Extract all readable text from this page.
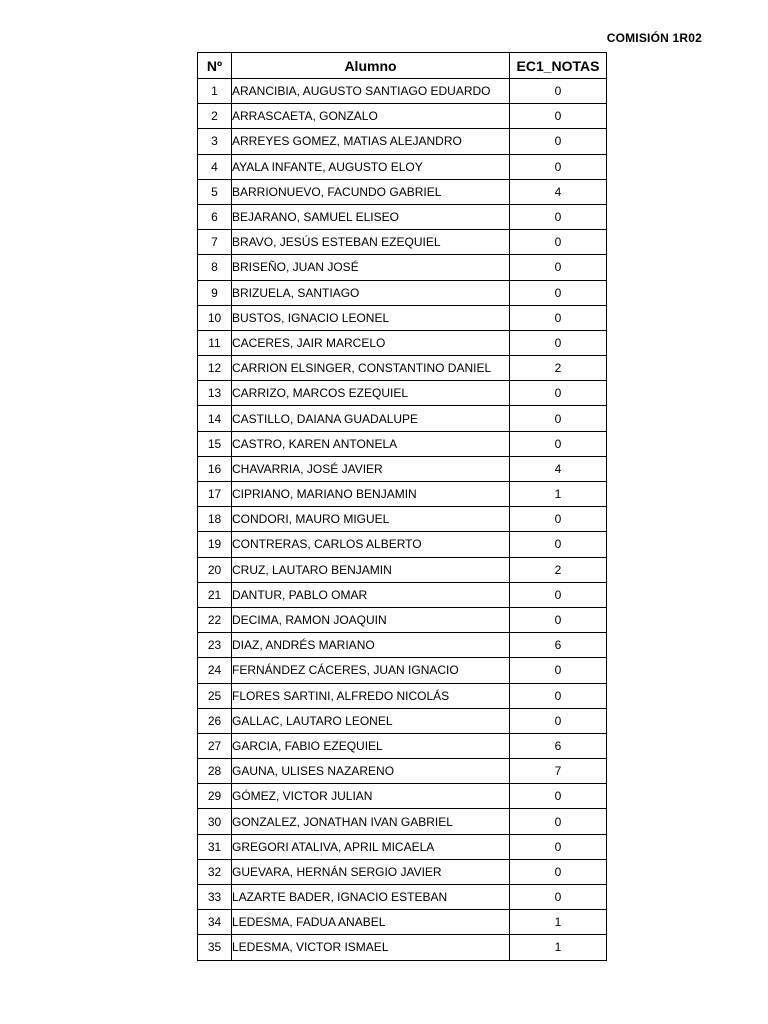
COMISIÓN 1R02
Nº	Alumno	EC1_NOTAS
1	ARANCIBIA, AUGUSTO SANTIAGO EDUARDO	0
2	ARRASCAETA, GONZALO	0
3	ARREYES GOMEZ, MATIAS ALEJANDRO	0
4	AYALA INFANTE, AUGUSTO ELOY	0
5	BARRIONUEVO, FACUNDO GABRIEL	4
6	BEJARANO, SAMUEL ELISEO	0
7	BRAVO, JESÚS ESTEBAN EZEQUIEL	0
8	BRISEÑO, JUAN JOSÉ	0
9	BRIZUELA, SANTIAGO	0
10	BUSTOS, IGNACIO LEONEL	0
11	CACERES, JAIR MARCELO	0
12	CARRION ELSINGER, CONSTANTINO DANIEL	2
13	CARRIZO, MARCOS EZEQUIEL	0
14	CASTILLO, DAIANA GUADALUPE	0
15	CASTRO, KAREN ANTONELA	0
16	CHAVARRIA, JOSÉ JAVIER	4
17	CIPRIANO, MARIANO BENJAMIN	1
18	CONDORI, MAURO MIGUEL	0
19	CONTRERAS, CARLOS ALBERTO	0
20	CRUZ, LAUTARO BENJAMIN	2
21	DANTUR, PABLO OMAR	0
22	DECIMA, RAMON JOAQUIN	0
23	DIAZ, ANDRÉS MARIANO	6
24	FERNÁNDEZ CÁCERES, JUAN IGNACIO	0
25	FLORES SARTINI, ALFREDO NICOLÁS	0
26	GALLAC, LAUTARO LEONEL	0
27	GARCIA, FABIO EZEQUIEL	6
28	GAUNA, ULISES NAZARENO	7
29	GÓMEZ, VICTOR JULIAN	0
30	GONZALEZ, JONATHAN IVAN GABRIEL	0
31	GREGORI ATALIVA, APRIL MICAELA	0
32	GUEVARA, HERNÁN SERGIO JAVIER	0
33	LAZARTE BADER, IGNACIO ESTEBAN	0
34	LEDESMA, FADUA ANABEL	1
35	LEDESMA, VICTOR ISMAEL	1
